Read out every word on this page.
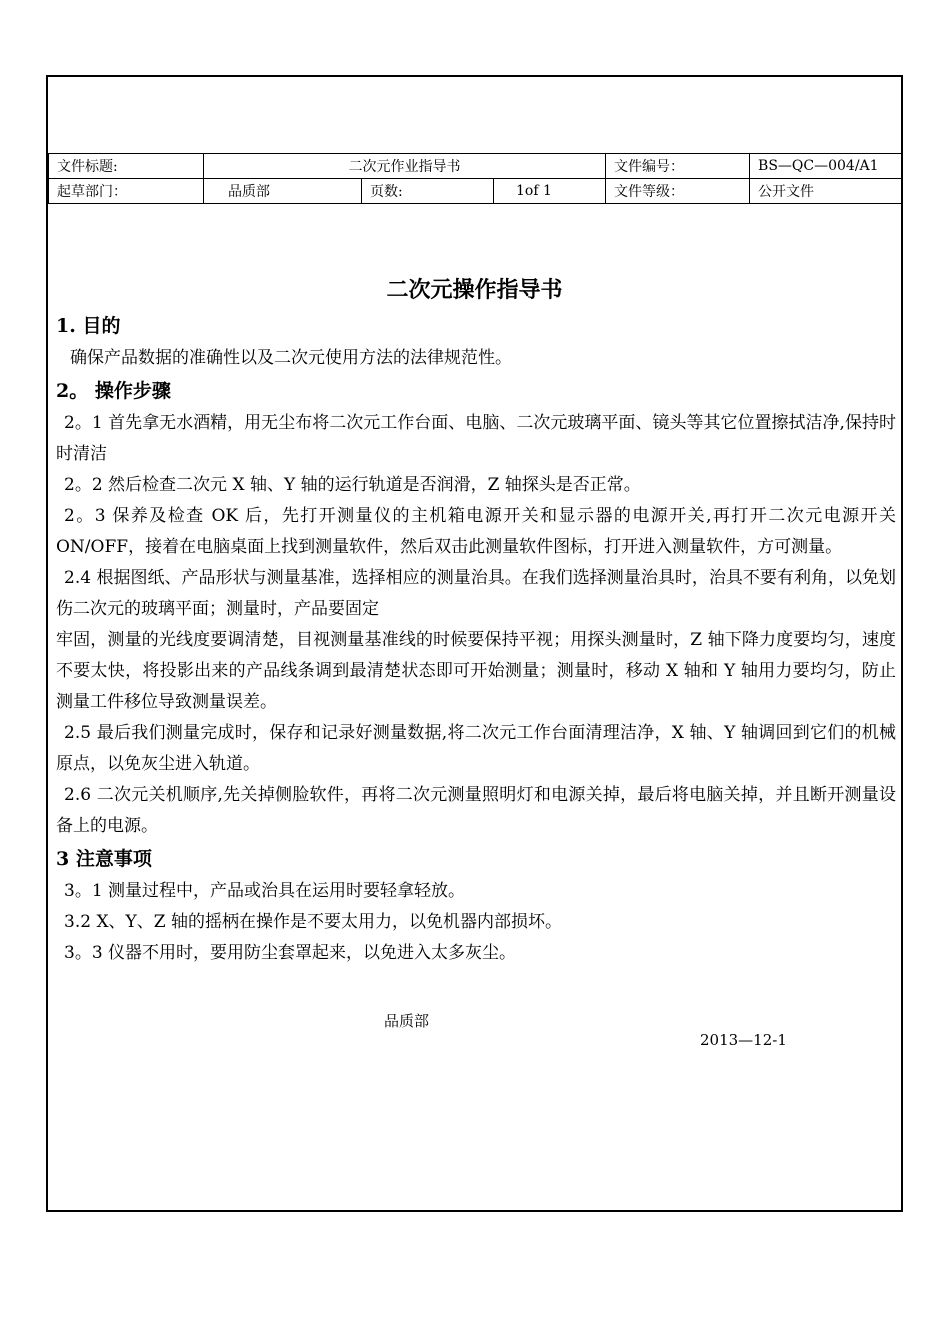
文件标题:	二次元作业指导书			文件编号：	BS—QC—004/A1
起草部门：	品质部	页数:	1of 1	文件等级：	公开文件
二次元操作指导书
1. 目的
确保产品数据的准确性以及二次元使用方法的法律规范性。
2。 操作步骤
2。1 首先拿无水酒精，用无尘布将二次元工作台面、电脑、二次元玻璃平面、镜头等其它位置擦拭洁净,保持时时清洁
2。2 然后检查二次元 X 轴、Y 轴的运行轨道是否润滑，Z 轴探头是否正常。
2。3 保养及检查 OK 后，先打开测量仪的主机箱电源开关和显示器的电源开关,再打开二次元电源开关 ON/OFF，接着在电脑桌面上找到测量软件，然后双击此测量软件图标，打开进入测量软件，方可测量。
2.4 根据图纸、产品形状与测量基准，选择相应的测量治具。在我们选择测量治具时，治具不要有利角，以免划伤二次元的玻璃平面；测量时，产品要固定
牢固，测量的光线度要调清楚，目视测量基准线的时候要保持平视；用探头测量时，Z 轴下降力度要均匀，速度不要太快，将投影出来的产品线条调到最清楚状态即可开始测量；测量时，移动 X 轴和 Y 轴用力要均匀，防止测量工件移位导致测量误差。
2.5 最后我们测量完成时，保存和记录好测量数据,将二次元工作台面清理洁净，X 轴、Y 轴调回到它们的机械原点，以免灰尘进入轨道。
2.6 二次元关机顺序,先关掉侧脸软件，再将二次元测量照明灯和电源关掉，最后将电脑关掉，并且断开测量设备上的电源。
3 注意事项
3。1 测量过程中，产品或治具在运用时要轻拿轻放。
3.2 X、Y、Z 轴的摇柄在操作是不要太用力，以免机器内部损坏。
3。3 仪器不用时，要用防尘套罩起来，以免进入太多灰尘。
品质部
2013—12-1
